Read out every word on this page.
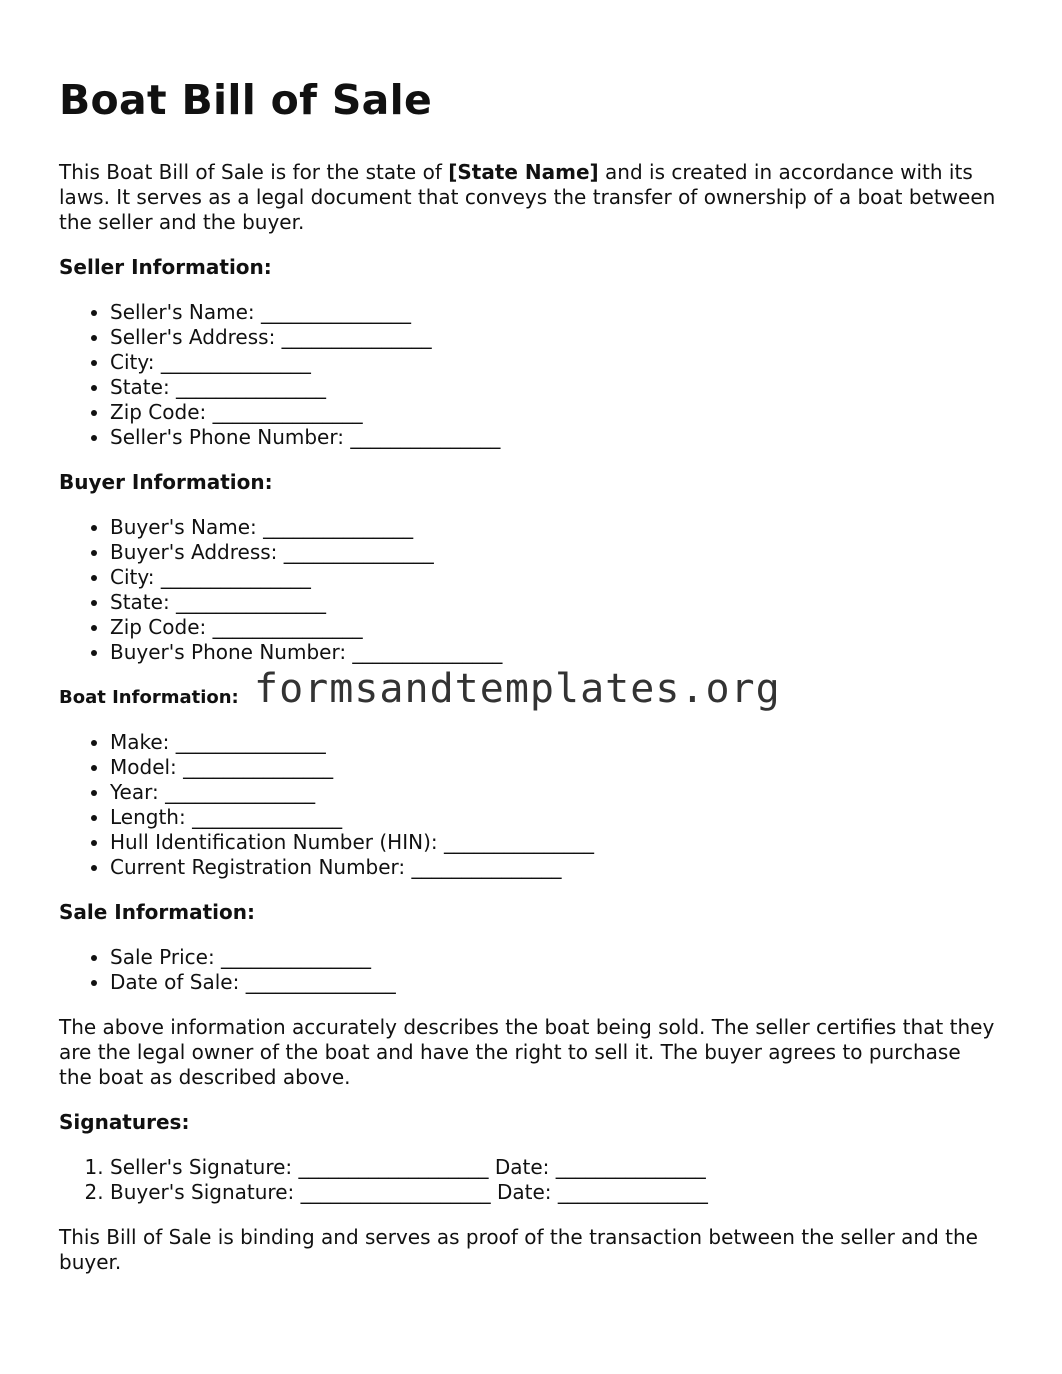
Boat Bill of Sale

This Boat Bill of Sale is for the state of [State Name] and is created in accordance with its laws. It serves as a legal document that conveys the transfer of ownership of a boat between the seller and the buyer.

Seller Information:
• Seller's Name: _______________
• Seller's Address: _______________
• City: _______________
• State: _______________
• Zip Code: _______________
• Seller's Phone Number: _______________
Buyer Information:
• Buyer's Name: _______________
• Buyer's Address: _______________
• City: _______________
• State: _______________
• Zip Code: _______________
• Buyer's Phone Number: _______________
Boat Information:
• Make: _______________
• Model: _______________
• Year: _______________
• Length: _______________
• Hull Identification Number (HIN): _______________
• Current Registration Number: _______________
Sale Information:
• Sale Price: _______________
• Date of Sale: _______________

The above information accurately describes the boat being sold. The seller certifies that they are the legal owner of the boat and have the right to sell it. The buyer agrees to purchase the boat as described above.

Signatures:
1. Seller's Signature: ___________________ Date: _______________
2. Buyer's Signature: ___________________ Date: _______________

This Bill of Sale is binding and serves as proof of the transaction between the seller and the buyer.

formsandtemplates.org
